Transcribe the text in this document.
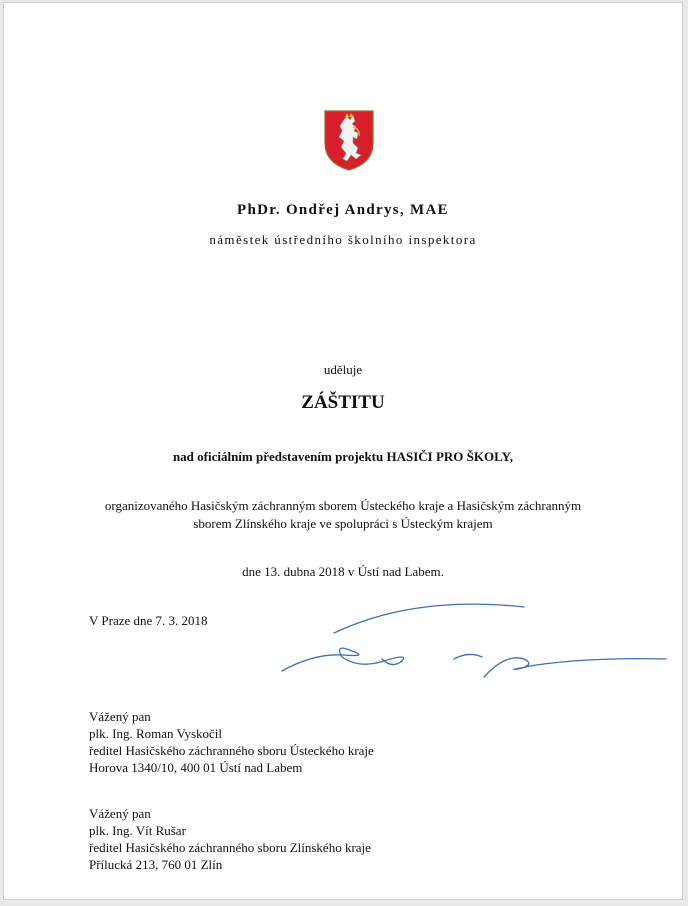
PhDr. Ondřej Andrys, MAE
náměstek ústředního školního inspektora
uděluje
ZÁŠTITU
nad oficiálním představením projektu HASIČI PRO ŠKOLY,
organizovaného Hasičským záchranným sborem Ústeckého kraje a Hasičským záchranným
sborem Zlínského kraje ve spolupráci s Ústeckým krajem
dne 13. dubna 2018 v Ústí nad Labem.
V Praze dne 7. 3. 2018
Vážený pan
plk. Ing. Roman Vyskočil
ředitel Hasičského záchranného sboru Ústeckého kraje
Horova 1340/10, 400 01 Ústí nad Labem
Vážený pan
plk. Ing. Vít Rušar
ředitel Hasičského záchranného sboru Zlínského kraje
Přílucká 213, 760 01 Zlín
